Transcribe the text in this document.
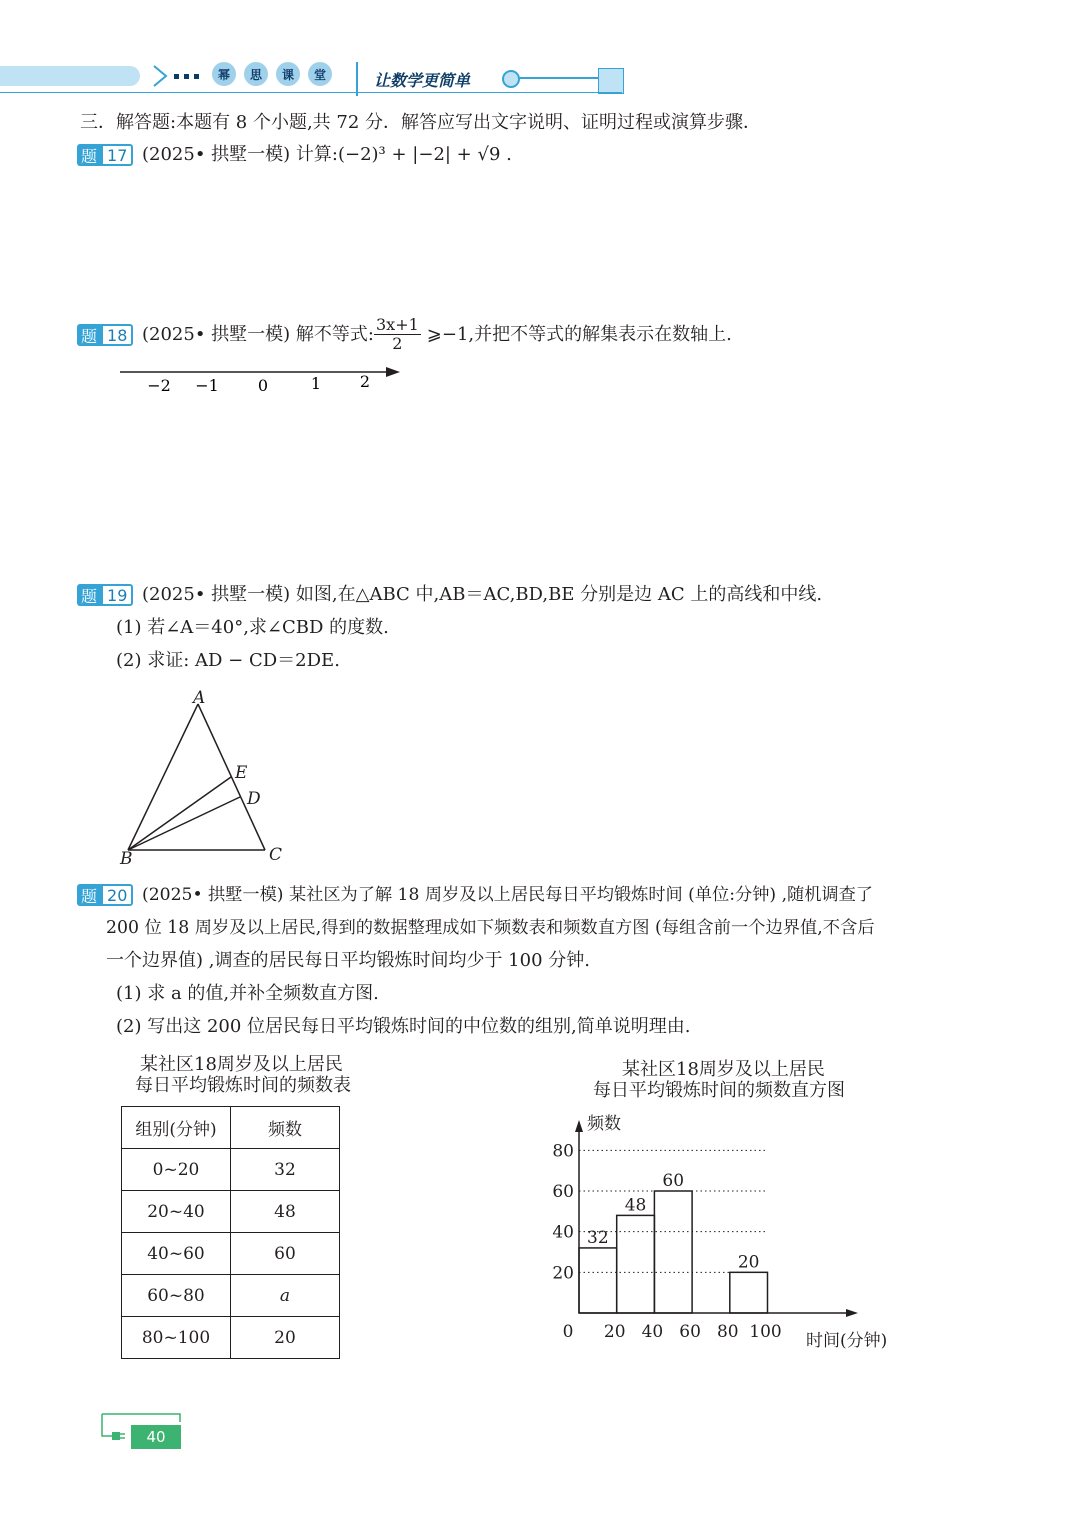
幂	思	课	堂	让数学更简单
三．解答题:本题有 8 个小题,共 72 分．解答应写出文字说明、证明过程或演算步骤．
题 17 (2025• 拱墅一模) 计算:(−2)³ + |−2| + √9 .
题 18 (2025• 拱墅一模) 解不等式: $\frac{3x+1}{2}$ ⩾−1,并把不等式的解集表示在数轴上.
−2 −1 0	1 2
题 19 (2025• 拱墅一模) 如图,在△ABC 中,AB＝AC,BD,BE 分别是边 AC 上的高线和中线.
(1) 若∠A＝40°,求∠CBD 的度数.
(2) 求证: AD − CD＝2DE.
A
E
D
B	C
题 20 (2025• 拱墅一模) 某社区为了解 18 周岁及以上居民每日平均锻炼时间 (单位:分钟) ,随机调查了
200 位 18 周岁及以上居民,得到的数据整理成如下频数表和频数直方图 (每组含前一个边界值,不含后
一个边界值) ,调查的居民每日平均锻炼时间均少于 100 分钟.
(1) 求 a 的值,并补全频数直方图.
(2) 写出这 200 位居民每日平均锻炼时间的中位数的组别,简单说明理由.
某社区18周岁及以上居民
每日平均锻炼时间的频数表
组别(分钟)	频数
0~20	32
20~40	48
40~60	60
60~80	a
80~100	20
某社区18周岁及以上居民
每日平均锻炼时间的频数直方图
20
40
60
80
32
48
60
20
0 20 40 60 80 100
频数
时间(分钟)
40
